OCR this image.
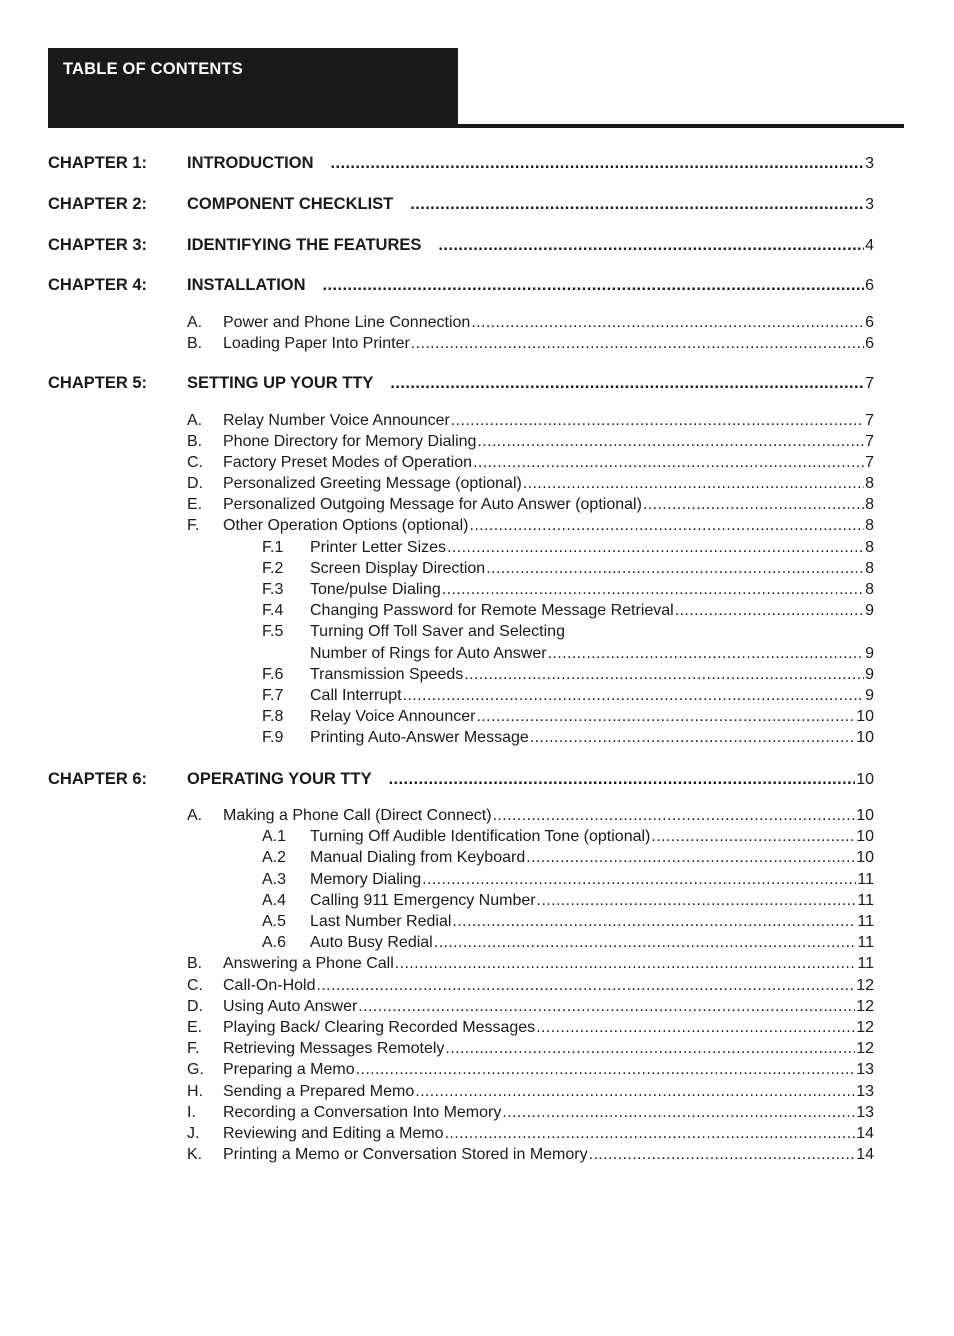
TABLE OF CONTENTS
CHAPTER 1:	INTRODUCTION .....	3
CHAPTER 2:	COMPONENT CHECKLIST .....	3
CHAPTER 3:	IDENTIFYING THE FEATURES .....	4
CHAPTER 4:	INSTALLATION .....	6
A.	Power and Phone Line Connection .....	6
B.	Loading Paper Into Printer .....	6
CHAPTER 5:	SETTING UP YOUR TTY .....	7
A.	Relay Number Voice Announcer .....	7
B.	Phone Directory for Memory Dialing .....	7
C.	Factory Preset Modes of Operation .....	7
D.	Personalized Greeting Message (optional) .....	8
E.	Personalized Outgoing Message for Auto Answer (optional) .....	8
F.	Other Operation Options (optional) .....	8
F.1	Printer Letter Sizes .....	8
F.2	Screen Display Direction .....	8
F.3	Tone/pulse Dialing .....	8
F.4	Changing Password for Remote Message Retrieval .....	9
F.5 Turning Off Toll Saver and Selecting
Number of Rings for Auto Answer .....	9
F.6	Transmission Speeds .....	9
F.7	Call Interrupt .....	9
F.8	Relay Voice Announcer .....	10
F.9	Printing Auto-Answer Message .....	10
CHAPTER 6:	OPERATING YOUR TTY .....	10
A.	Making a Phone Call (Direct Connect) .....	10
A.1	Turning Off Audible Identification Tone (optional) .....	10
A.2	Manual Dialing from Keyboard .....	10
A.3	Memory Dialing .....	11
A.4	Calling 911 Emergency Number .....	11
A.5	Last Number Redial .....	11
A.6	Auto Busy Redial .....	11
B.	Answering a Phone Call .....	11
C.	Call-On-Hold .....	12
D.	Using Auto Answer .....	12
E.	Playing Back/ Clearing Recorded Messages .....	12
F.	Retrieving Messages Remotely .....	12
G.	Preparing a Memo .....	13
H.	Sending a Prepared Memo .....	13
I.	Recording a Conversation Into Memory .....	13
J.	Reviewing and Editing a Memo .....	14
K.	Printing a Memo or Conversation Stored in Memory .....	14
